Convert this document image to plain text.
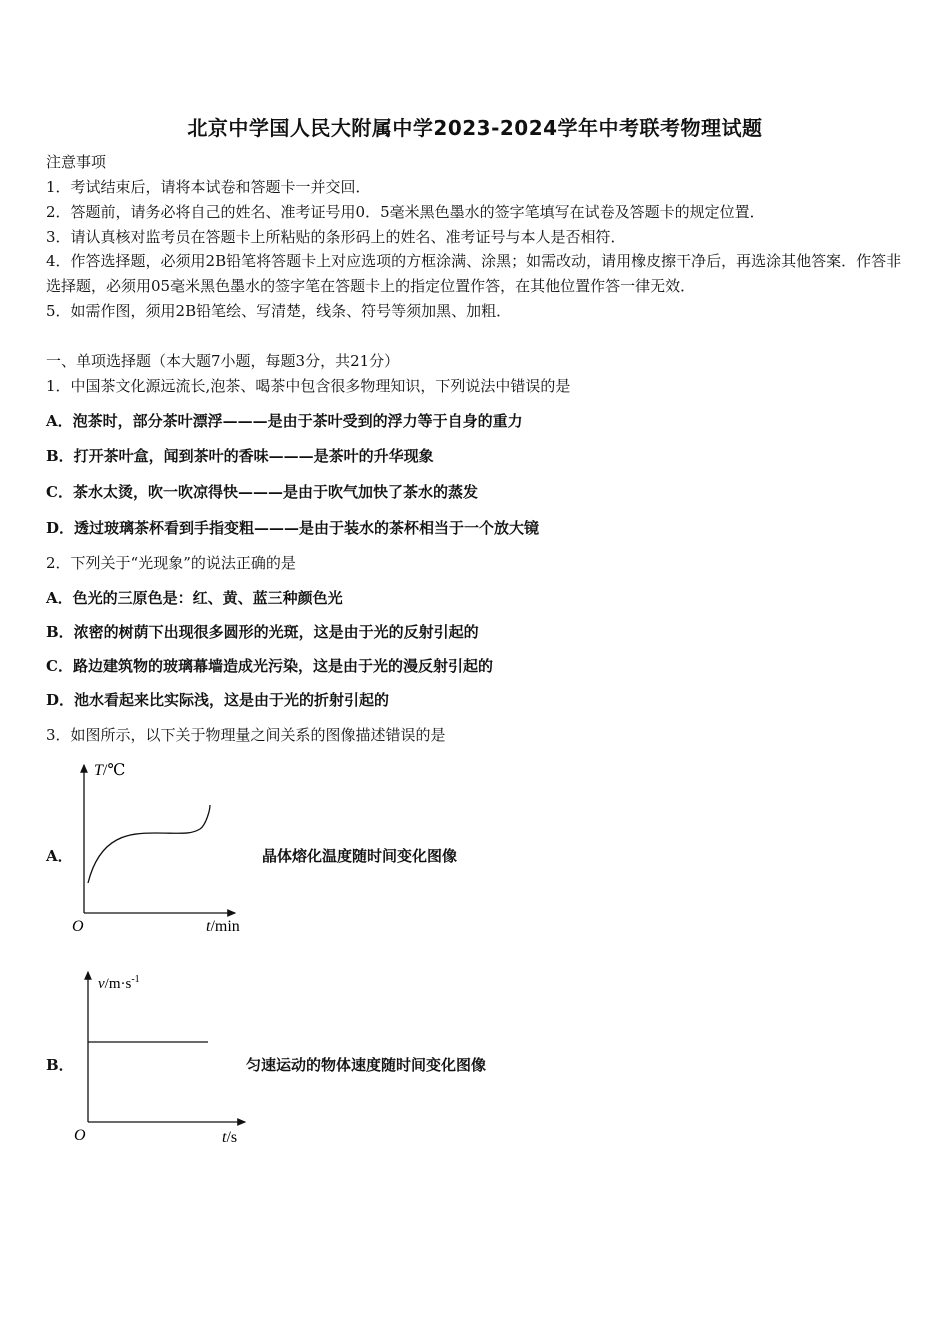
北京中学国人民大附属中学2023-2024学年中考联考物理试题
注意事项
1．考试结束后，请将本试卷和答题卡一并交回．
2．答题前，请务必将自己的姓名、准考证号用0．5毫米黑色墨水的签字笔填写在试卷及答题卡的规定位置．
3．请认真核对监考员在答题卡上所粘贴的条形码上的姓名、准考证号与本人是否相符．
4．作答选择题，必须用2B铅笔将答题卡上对应选项的方框涂满、涂黑；如需改动，请用橡皮擦干净后，再选涂其他答案．作答非选择题，必须用05毫米黑色墨水的签字笔在答题卡上的指定位置作答，在其他位置作答一律无效．
5．如需作图，须用2B铅笔绘、写清楚，线条、符号等须加黑、加粗．
一、单项选择题（本大题7小题，每题3分，共21分）
1．中国茶文化源远流长,泡茶、喝茶中包含很多物理知识，下列说法中错误的是
A．泡茶时，部分茶叶漂浮———是由于茶叶受到的浮力等于自身的重力
B．打开茶叶盒，闻到茶叶的香味———是茶叶的升华现象
C．茶水太烫，吹一吹凉得快———是由于吹气加快了茶水的蒸发
D．透过玻璃茶杯看到手指变粗———是由于装水的茶杯相当于一个放大镜
2．下列关于“光现象”的说法正确的是
A．色光的三原色是：红、黄、蓝三种颜色光
B．浓密的树荫下出现很多圆形的光斑，这是由于光的反射引起的
C．路边建筑物的玻璃幕墙造成光污染，这是由于光的漫反射引起的
D．池水看起来比实际浅，这是由于光的折射引起的
3．如图所示，以下关于物理量之间关系的图像描述错误的是
A．
T/℃
O	t/min
晶体熔化温度随时间变化图像
B．
$v/m\cdot s^{-1}$
O	t/s
匀速运动的物体速度随时间变化图像
